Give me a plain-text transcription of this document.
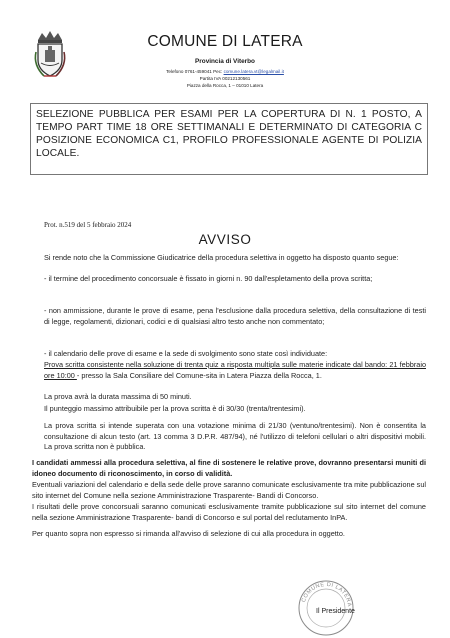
COMUNE DI LATERA
Provincia di Viterbo
Telefono 0761-459041 Pec: comune.latera.vt@legalmail.it
Partita IVA 00212130561
Piazza della Rocca, 1 – 01010 Latera
SELEZIONE PUBBLICA PER ESAMI PER LA COPERTURA DI N. 1 POSTO, A TEMPO PART TIME 18 ORE SETTIMANALI E DETERMINATO DI CATEGORIA C POSIZIONE ECONOMICA C1, PROFILO PROFESSIONALE AGENTE DI POLIZIA LOCALE.
Prot. n.519 del 5 febbraio 2024
AVVISO
Si rende noto che la Commissione Giudicatrice della procedura selettiva in oggetto ha disposto quanto segue:
- il termine del procedimento concorsuale è fissato in giorni n. 90 dall'espletamento della prova scritta;
- non ammissione, durante le prove di esame, pena l'esclusione dalla procedura selettiva, della consultazione di testi di legge, regolamenti, dizionari, codici e di qualsiasi altro testo anche non commentato;
- il calendario delle prove di esame e la sede di svolgimento sono state così individuate:
Prova scritta consistente nella soluzione di trenta quiz a risposta multipla sulle materie indicate dal bando: 21 febbraio ore 10:00 - presso la Sala Consiliare del Comune-sita in Latera Piazza della Rocca, 1.
La prova avrà la durata massima di 50 minuti.
Il punteggio massimo attribuibile per la prova scritta è di 30/30 (trenta/trentesimi).
La prova scritta si intende superata con una votazione minima di 21/30 (ventuno/trentesimi). Non è consentita la consultazione di alcun testo (art. 13 comma 3 D.P.R. 487/94), né l'utilizzo di telefoni cellulari o altri dispositivi mobili. La prova scritta non è pubblica.
I candidati ammessi alla procedura selettiva, al fine di sostenere le relative prove, dovranno presentarsi muniti di idoneo documento di riconoscimento, in corso di validità.
Eventuali variazioni del calendario e della sede delle prove saranno comunicate esclusivamente tra mite pubblicazione sul sito internet del Comune nella sezione Amministrazione Trasparente- Bandi di Concorso.
I risultati delle prove concorsuali saranno comunicati esclusivamente tramite pubblicazione sul sito internet del comune nella sezione Amministrazione Trasparente- bandi di Concorso e sul portal del reclutamento InPA.
Per quanto sopra non espresso si rimanda all'avviso di selezione di cui alla procedura in oggetto.
COMUNE DI LATERA
Il Presidente
